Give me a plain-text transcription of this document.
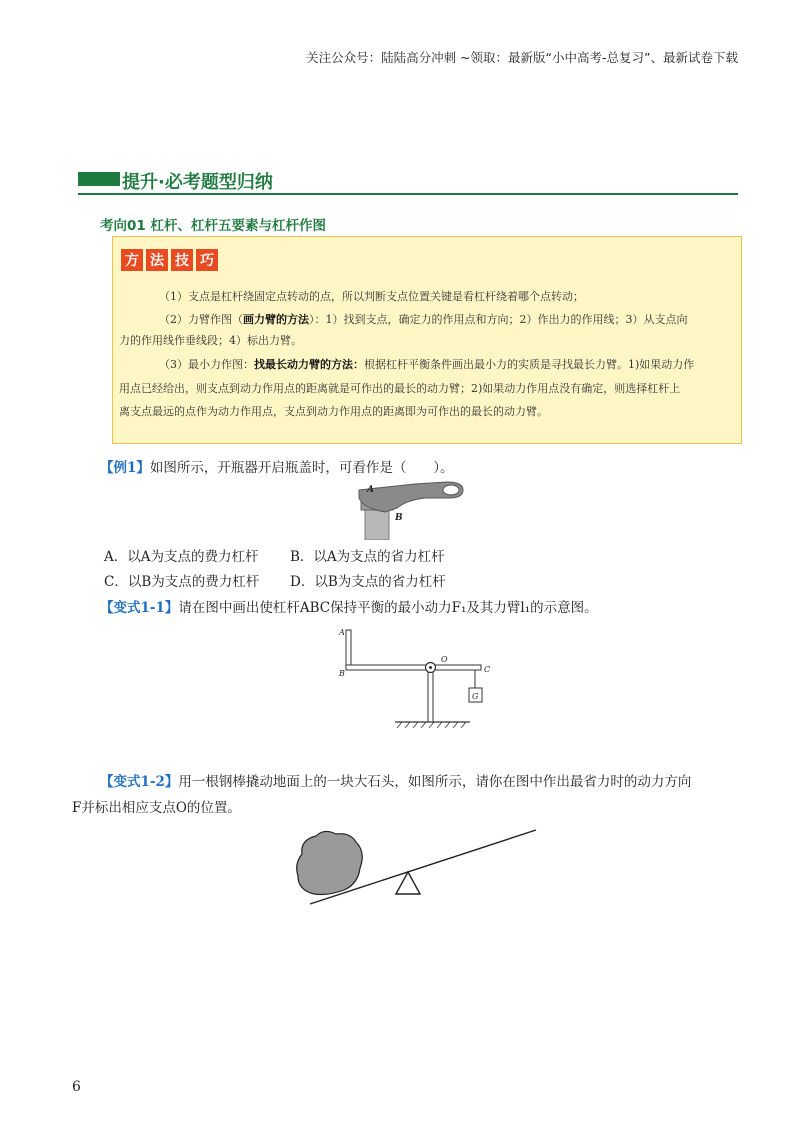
关注公众号：陆陆高分冲刺 ~领取：最新版“小中高考-总复习”、最新试卷下载
提升·必考题型归纳
考向01 杠杆、杠杆五要素与杠杆作图
方 法 技 巧
（1）支点是杠杆绕固定点转动的点，所以判断支点位置关键是看杠杆绕着哪个点转动；
（2）力臂作图（画力臂的方法）：1）找到支点，确定力的作用点和方向；2）作出力的作用线；3）从支点向
力的作用线作垂线段；4）标出力臂。
（3）最小力作图：找最长动力臂的方法：根据杠杆平衡条件画出最小力的实质是寻找最长力臂。1)如果动力作
用点已经给出，则支点到动力作用点的距离就是可作出的最长的动力臂；2)如果动力作用点没有确定，则选择杠杆上
离支点最远的点作为动力作用点，支点到动力作用点的距离即为可作出的最长的动力臂。
【例1】如图所示，开瓶器开启瓶盖时，可看作是（　　）。
A
B
A．以A为支点的费力杠杆 B．以A为支点的省力杠杆
C．以B为支点的费力杠杆 D．以B为支点的省力杠杆
【变式1-1】请在图中画出使杠杆ABC保持平衡的最小动力F₁及其力臂l₁的示意图。
G
A
B
O
C
【变式1-2】用一根钢棒撬动地面上的一块大石头，如图所示，请你在图中作出最省力时的动力方向
F并标出相应支点O的位置。
6
